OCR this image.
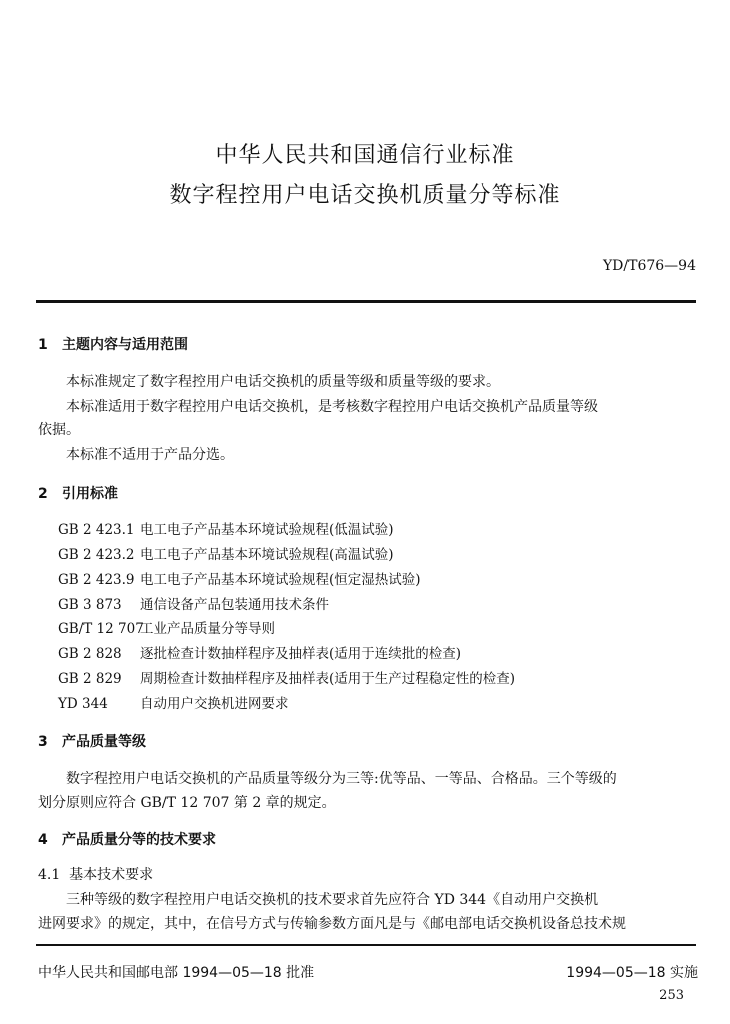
中华人民共和国通信行业标准
数字程控用户电话交换机质量分等标准
YD/T676—94
1 主题内容与适用范围
本标准规定了数字程控用户电话交换机的质量等级和质量等级的要求。
本标准适用于数字程控用户电话交换机，是考核数字程控用户电话交换机产品质量等级
依据。
本标准不适用于产品分选。
2 引用标准
GB 2 423.1 电工电子产品基本环境试验规程(低温试验)
GB 2 423.2 电工电子产品基本环境试验规程(高温试验)
GB 2 423.9 电工电子产品基本环境试验规程(恒定湿热试验)
GB 3 873 通信设备产品包装通用技术条件
GB/T 12 707工业产品质量分等导则
GB 2 828 逐批检查计数抽样程序及抽样表(适用于连续批的检查)
GB 2 829 周期检查计数抽样程序及抽样表(适用于生产过程稳定性的检查)
YD 344 自动用户交换机进网要求
3 产品质量等级
数字程控用户电话交换机的产品质量等级分为三等:优等品、一等品、合格品。三个等级的
划分原则应符合 GB/T 12 707 第 2 章的规定。
4 产品质量分等的技术要求
4.1 基本技术要求
三种等级的数字程控用户电话交换机的技术要求首先应符合 YD 344《自动用户交换机
进网要求》的规定，其中，在信号方式与传输参数方面凡是与《邮电部电话交换机设备总技术规
中华人民共和国邮电部 1994—05—18 批准	1994—05—18 实施
253
